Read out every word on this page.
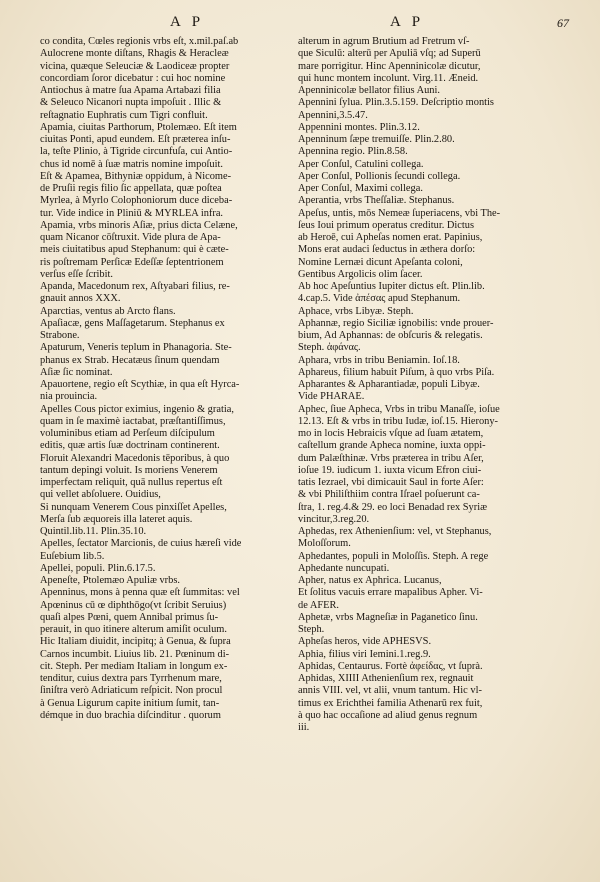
A P	A P	67
co condita, Cœles regionis vrbs eſt, x.mil.paſ.ab
Aulocrene monte diſtans, Rhagis & Heracleæ
vicina, quæque Seleuciæ & Laodiceæ propter
concordiam ſoror dicebatur : cui hoc nomine
Antiochus à matre ſua Apama Artabazi filia
& Seleuco Nicanori nupta impoſuit . Illic &
reſtagnatio Euphratis cum Tigri confluit.
Apamia, ciuitas Parthorum, Ptolemæo. Eſt item
ciuitas Ponti, apud eundem. Eſt præterea inſu-
la, teſte Plinio, à Tigride circunfuſa, cui Antio-
chus id nomē à ſuæ matris nomine impoſuit.
Eſt & Apamea, Bithyniæ oppidum, à Nicome-
de Pruſii regis filio ſic appellata, quæ poſtea
Myrlea, à Myrlo Colophoniorum duce diceba-
tur. Vide indice in Pliniū & MYRLEA infra.
Apamia, vrbs minoris Aſiæ, prius dicta Celæne,
quam Nicanor cōſtruxit. Vide plura de Apa-
meis ciuitatibus apud Stephanum: qui è cæte-
ris poſtremam Perſicæ Edeſſæ ſeptentrionem
verſus eſſe ſcribit.
Apanda, Macedonum rex, Aſtyabari filius, re-
gnauit annos XXX.
Aparctias, ventus ab Arcto flans.
Apaſiacæ, gens Maſſagetarum. Stephanus ex
Strabone.
Apaturum, Veneris teplum in Phanagoria. Ste-
phanus ex Strab. Hecatæus ſinum quendam
Aſiæ ſic nominat.
Apauortene, regio eſt Scythiæ, in qua eſt Hyrca-
nia prouincia.
Apelles Cous pictor eximius, ingenio & gratia,
quam in ſe maximè iactabat, præſtantiſſimus,
voluminibus etiam ad Perſeum diſcipulum
editis, quæ artis ſuæ doctrinam continerent.
Floruit Alexandri Macedonis tēporibus, à quo
tantum depingi voluit. Is moriens Venerem
imperfectam reliquit, quā nullus repertus eſt
qui vellet abſoluere. Ouidius,
Si nunquam Venerem Cous pinxiſſet Apelles,
Merſa ſub æquoreis illa lateret aquis.
Quintil.lib.11. Plin.35.10.
Apelles, ſectator Marcionis, de cuius hæreſi vide
Euſebium lib.5.
Apellei, populi. Plin.6.17.5.
Apeneſte, Ptolemæo Apuliæ vrbs.
Apenninus, mons à penna quæ eſt ſummitas: vel
Apœninus cū œ diphthōgo(vt ſcribit Seruius)
quaſi alpes Pœni, quem Annibal primus ſu-
perauit, in quo itinere alterum amiſit oculum.
Hic Italiam diuidit, incipitq; à Genua, & ſupra
Carnos incumbit. Liuius lib. 21. Pœninum di-
cit. Steph. Per mediam Italiam in longum ex-
tenditur, cuius dextra pars Tyrrhenum mare,
ſiniſtra verò Adriaticum reſpicit. Non procul
à Genua Ligurum capite initium ſumit, tan-
démque in duo brachia diſcinditur . quorum
alterum in agrum Brutium ad Fretrum vſ-
que Siculū: alterū per Apuliā vſq; ad Superū
mare porrigitur. Hinc Apenninicolæ dicutur,
qui hunc montem incolunt. Virg.11. Æneid.
Apenninicolæ bellator filius Auni.
Apennini ſylua. Plin.3.5.159. Deſcriptio montis
Apennini,3.5.47.
Appennini montes. Plin.3.12.
Apenninum ſæpe tremuiſſe. Plin.2.80.
Apennina regio. Plin.8.58.
Aper Conſul, Catulini collega.
Aper Conſul, Pollionis ſecundi collega.
Aper Conſul, Maximi collega.
Aperantia, vrbs Theſſaliæ. Stephanus.
Apeſus, untis, mōs Nemeæ ſuperiacens, vbi The-
ſeus Ioui primum operatus creditur. Dictus
ab Heroē, cui Apheſas nomen erat. Papinius,
Mons erat audaci ſeductus in æthera dorſo:
Nomine Lernæi dicunt Apeſanta coloni,
Gentibus Argolicis olim ſacer.
Ab hoc Apeſuntius Iupiter dictus eſt. Plin.lib.
4.cap.5. Vide ἀπέσας apud Stephanum.
Aphace, vrbs Libyæ. Steph.
Aphannæ, regio Siciliæ ignobilis: vnde prouer-
bium, Ad Aphannas: de obſcuris & relegatis.
Steph. ἀφάνας.
Aphara, vrbs in tribu Beniamin. Ioſ.18.
Aphareus, filium habuit Piſum, à quo vrbs Piſa.
Apharantes & Apharantiadæ, populi Libyæ.
Vide PHARAE.
Aphec, ſiue Apheca, Vrbs in tribu Manaſſe, ioſue
12.13. Eſt & vrbs in tribu Iudæ, ioſ.15. Hierony-
mo in locis Hebraicis vſque ad ſuam ætatem,
caſtellum grande Apheca nomine, iuxta oppi-
dum Palæſthinæ. Vrbs præterea in tribu Aſer,
ioſue 19. iudicum 1. iuxta vicum Efron ciui-
tatis Iezrael, vbi dimicauit Saul in forte Aſer:
& vbi Philiſthiim contra Iſrael poſuerunt ca-
ſtra, 1. reg.4.& 29. eo loci Benadad rex Syriæ
vincitur,3.reg.20.
Aphedas, rex Athenienſium: vel, vt Stephanus,
Moloſſorum.
Aphedantes, populi in Moloſſis. Steph. A rege
Aphedante nuncupati.
Apher, natus ex Aphrica. Lucanus,
Et ſolitus vacuis errare mapalibus Apher. Vi-
de AFER.
Aphetæ, vrbs Magneſiæ in Paganetico ſinu.
Steph.
Apheſas heros, vide APHESVS.
Aphia, filius viri Iemini.1.reg.9.
Aphidas, Centaurus. Fortè ἀφείδας, vt ſuprà.
Aphidas, XIIII Athenienſium rex, regnauit
annis VIII. vel, vt alii, vnum tantum. Hic vl-
timus ex Erichthei familia Athenarū rex fuit,
à quo hac occaſione ad aliud genus regnum
iii.
